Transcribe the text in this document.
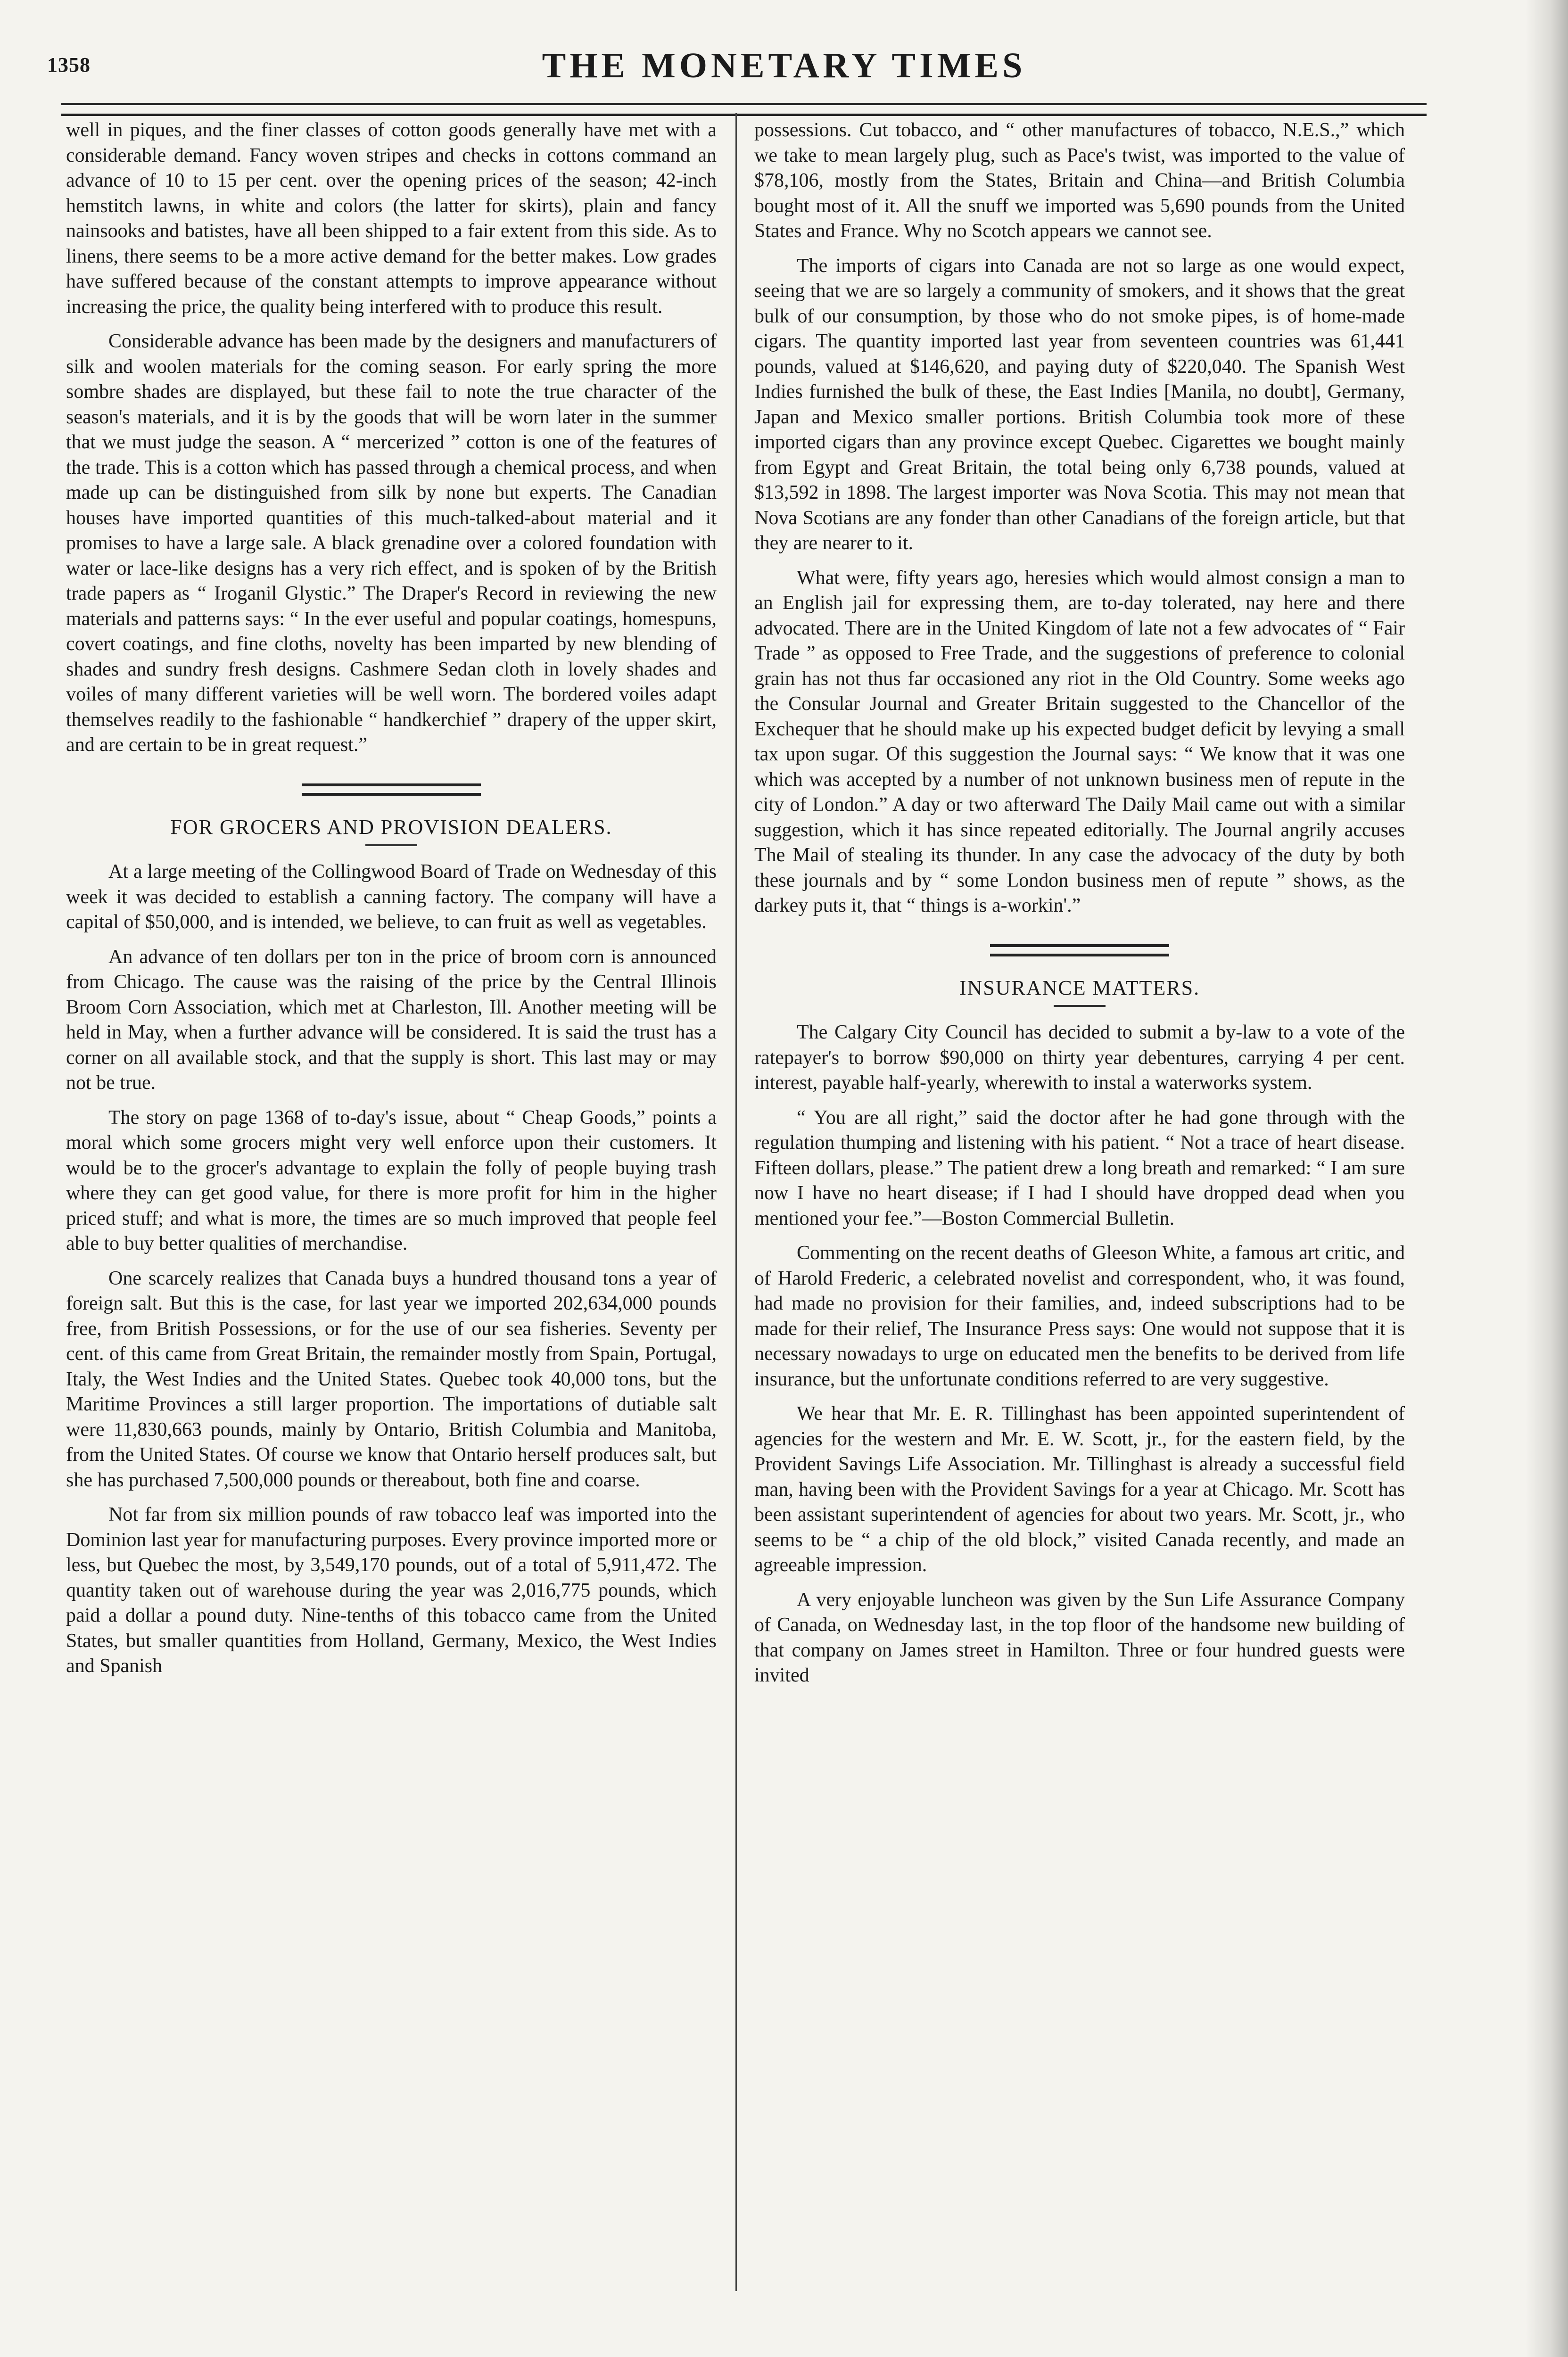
1358	THE MONETARY TIMES

well in piques, and the finer classes of cotton goods generally have met with a considerable demand. Fancy woven stripes and checks in cottons command an advance of 10 to 15 per cent. over the opening prices of the season; 42-inch hemstitch lawns, in white and colors (the latter for skirts), plain and fancy nainsooks and batistes, have all been shipped to a fair extent from this side. As to linens, there seems to be a more active demand for the better makes. Low grades have suffered because of the constant attempts to improve appearance without increasing the price, the quality being interfered with to produce this result.

Considerable advance has been made by the designers and manufacturers of silk and woolen materials for the coming season. For early spring the more sombre shades are displayed, but these fail to note the true character of the season's materials, and it is by the goods that will be worn later in the summer that we must judge the season. A “ mercerized ” cotton is one of the features of the trade. This is a cotton which has passed through a chemical process, and when made up can be distinguished from silk by none but experts. The Canadian houses have imported quantities of this much-talked-about material and it promises to have a large sale. A black grenadine over a colored foundation with water or lace-like designs has a very rich effect, and is spoken of by the British trade papers as “ Iroganil Glystic.” The Draper's Record in reviewing the new materials and patterns says: “ In the ever useful and popular coatings, homespuns, covert coatings, and fine cloths, novelty has been imparted by new blending of shades and sundry fresh designs. Cashmere Sedan cloth in lovely shades and voiles of many different varieties will be well worn. The bordered voiles adapt themselves readily to the fashionable “ handkerchief ” drapery of the upper skirt, and are certain to be in great request.”

FOR GROCERS AND PROVISION DEALERS.

At a large meeting of the Collingwood Board of Trade on Wednesday of this week it was decided to establish a canning factory. The company will have a capital of $50,000, and is intended, we believe, to can fruit as well as vegetables.

An advance of ten dollars per ton in the price of broom corn is announced from Chicago. The cause was the raising of the price by the Central Illinois Broom Corn Association, which met at Charleston, Ill. Another meeting will be held in May, when a further advance will be considered. It is said the trust has a corner on all available stock, and that the supply is short. This last may or may not be true.

The story on page 1368 of to-day's issue, about “ Cheap Goods,” points a moral which some grocers might very well enforce upon their customers. It would be to the grocer's advantage to explain the folly of people buying trash where they can get good value, for there is more profit for him in the higher priced stuff; and what is more, the times are so much improved that people feel able to buy better qualities of merchandise.

One scarcely realizes that Canada buys a hundred thousand tons a year of foreign salt. But this is the case, for last year we imported 202,634,000 pounds free, from British Possessions, or for the use of our sea fisheries. Seventy per cent. of this came from Great Britain, the remainder mostly from Spain, Portugal, Italy, the West Indies and the United States. Quebec took 40,000 tons, but the Maritime Provinces a still larger proportion. The importations of dutiable salt were 11,830,663 pounds, mainly by Ontario, British Columbia and Manitoba, from the United States. Of course we know that Ontario herself produces salt, but she has purchased 7,500,000 pounds or thereabout, both fine and coarse.

Not far from six million pounds of raw tobacco leaf was imported into the Dominion last year for manufacturing purposes. Every province imported more or less, but Quebec the most, by 3,549,170 pounds, out of a total of 5,911,472. The quantity taken out of warehouse during the year was 2,016,775 pounds, which paid a dollar a pound duty. Nine-tenths of this tobacco came from the United States, but smaller quantities from Holland, Germany, Mexico, the West Indies and Spanish

possessions. Cut tobacco, and “ other manufactures of tobacco, N.E.S.,” which we take to mean largely plug, such as Pace's twist, was imported to the value of $78,106, mostly from the States, Britain and China—and British Columbia bought most of it. All the snuff we imported was 5,690 pounds from the United States and France. Why no Scotch appears we cannot see.

The imports of cigars into Canada are not so large as one would expect, seeing that we are so largely a community of smokers, and it shows that the great bulk of our consumption, by those who do not smoke pipes, is of home-made cigars. The quantity imported last year from seventeen countries was 61,441 pounds, valued at $146,620, and paying duty of $220,040. The Spanish West Indies furnished the bulk of these, the East Indies [Manila, no doubt], Germany, Japan and Mexico smaller portions. British Columbia took more of these imported cigars than any province except Quebec. Cigarettes we bought mainly from Egypt and Great Britain, the total being only 6,738 pounds, valued at $13,592 in 1898. The largest importer was Nova Scotia. This may not mean that Nova Scotians are any fonder than other Canadians of the foreign article, but that they are nearer to it.

What were, fifty years ago, heresies which would almost consign a man to an English jail for expressing them, are to-day tolerated, nay here and there advocated. There are in the United Kingdom of late not a few advocates of “ Fair Trade ” as opposed to Free Trade, and the suggestions of preference to colonial grain has not thus far occasioned any riot in the Old Country. Some weeks ago the Consular Journal and Greater Britain suggested to the Chancellor of the Exchequer that he should make up his expected budget deficit by levying a small tax upon sugar. Of this suggestion the Journal says: “ We know that it was one which was accepted by a number of not unknown business men of repute in the city of London.” A day or two afterward The Daily Mail came out with a similar suggestion, which it has since repeated editorially. The Journal angrily accuses The Mail of stealing its thunder. In any case the advocacy of the duty by both these journals and by “ some London business men of repute ” shows, as the darkey puts it, that “ things is a-workin'.”

INSURANCE MATTERS.

The Calgary City Council has decided to submit a by-law to a vote of the ratepayer's to borrow $90,000 on thirty year debentures, carrying 4 per cent. interest, payable half-yearly, wherewith to instal a waterworks system.

“ You are all right,” said the doctor after he had gone through with the regulation thumping and listening with his patient. “ Not a trace of heart disease. Fifteen dollars, please.” The patient drew a long breath and remarked: “ I am sure now I have no heart disease; if I had I should have dropped dead when you mentioned your fee.”—Boston Commercial Bulletin.

Commenting on the recent deaths of Gleeson White, a famous art critic, and of Harold Frederic, a celebrated novelist and correspondent, who, it was found, had made no provision for their families, and, indeed subscriptions had to be made for their relief, The Insurance Press says: One would not suppose that it is necessary nowadays to urge on educated men the benefits to be derived from life insurance, but the unfortunate conditions referred to are very suggestive.

We hear that Mr. E. R. Tillinghast has been appointed superintendent of agencies for the western and Mr. E. W. Scott, jr., for the eastern field, by the Provident Savings Life Association. Mr. Tillinghast is already a successful field man, having been with the Provident Savings for a year at Chicago. Mr. Scott has been assistant superintendent of agencies for about two years. Mr. Scott, jr., who seems to be “ a chip of the old block,” visited Canada recently, and made an agreeable impression.

A very enjoyable luncheon was given by the Sun Life Assurance Company of Canada, on Wednesday last, in the top floor of the handsome new building of that company on James street in Hamilton. Three or four hundred guests were invited
